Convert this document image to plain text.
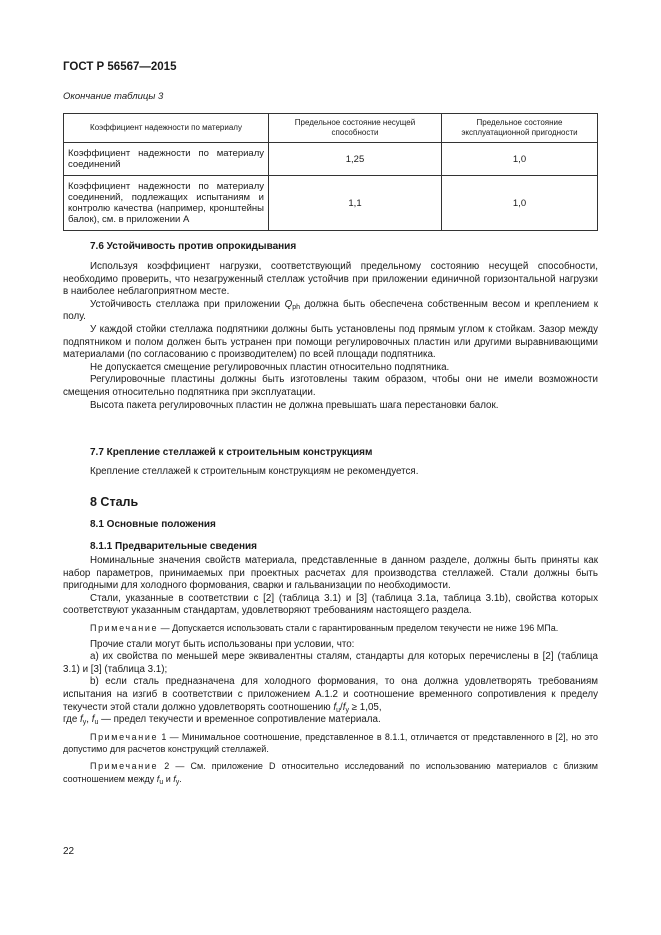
ГОСТ Р 56567—2015
Окончание таблицы 3
Коэффициент надежности по материалу	Предельное состояние несущей способности	Предельное состояние эксплуатационной пригодности
Коэффициент надежности по материалу соединений	1,25	1,0
Коэффициент надежности по материалу соединений, подлежащих испытаниям и контролю качества (например, кронштейны балок), см. в приложении А	1,1	1,0
7.6 Устойчивость против опрокидывания

Используя коэффициент нагрузки, соответствующий предельному состоянию несущей способности, необходимо проверить, что незагруженный стеллаж устойчив при приложении единичной горизонтальной нагрузки в наиболее неблагоприятном месте.

Устойчивость стеллажа при приложении $Q_{ph}$ должна быть обеспечена собственным весом и креплением к полу.

У каждой стойки стеллажа подпятники должны быть установлены под прямым углом к стойкам. Зазор между подпятником и полом должен быть устранен при помощи регулировочных пластин или другими выравнивающими материалами (по согласованию с производителем) по всей площади подпятника.

Не допускается смещение регулировочных пластин относительно подпятника.

Регулировочные пластины должны быть изготовлены таким образом, чтобы они не имели возможности смещения относительно подпятника при эксплуатации.

Высота пакета регулировочных пластин не должна превышать шага перестановки балок.

7.7 Крепление стеллажей к строительным конструкциям

Крепление стеллажей к строительным конструкциям не рекомендуется.

8 Сталь
8.1 Основные положения
8.1.1 Предварительные сведения

Номинальные значения свойств материала, представленные в данном разделе, должны быть приняты как набор параметров, принимаемых при проектных расчетах для производства стеллажей. Стали должны быть пригодными для холодного формования, сварки и гальванизации по необходимости.

Стали, указанные в соответствии с [2] (таблица 3.1) и [3] (таблица 3.1а, таблица 3.1b), свойства которых соответствуют указанным стандартам, удовлетворяют требованиям настоящего раздела.

Примечание — Допускается использовать стали с гарантированным пределом текучести не ниже 196 МПа.

Прочие стали могут быть использованы при условии, что:

а) их свойства по меньшей мере эквивалентны сталям, стандарты для которых перечислены в [2] (таблица 3.1) и [3] (таблица 3.1);

b) если сталь предназначена для холодного формования, то она должна удовлетворять требованиям испытания на изгиб в соответствии с приложением А.1.2 и соотношение временного сопротивления к пределу текучести этой стали должно удовлетворять соотношению $f_u/f_y \ge 1,05$,

где $f_y$, $f_u$ — предел текучести и временное сопротивление материала.

Примечание 1 — Минимальное соотношение, представленное в 8.1.1, отличается от представленного в [2], но это допустимо для расчетов конструкций стеллажей.

Примечание 2 — См. приложение D относительно исследований по использованию материалов с близким соотношением между $f_u$ и $f_y$.

22
